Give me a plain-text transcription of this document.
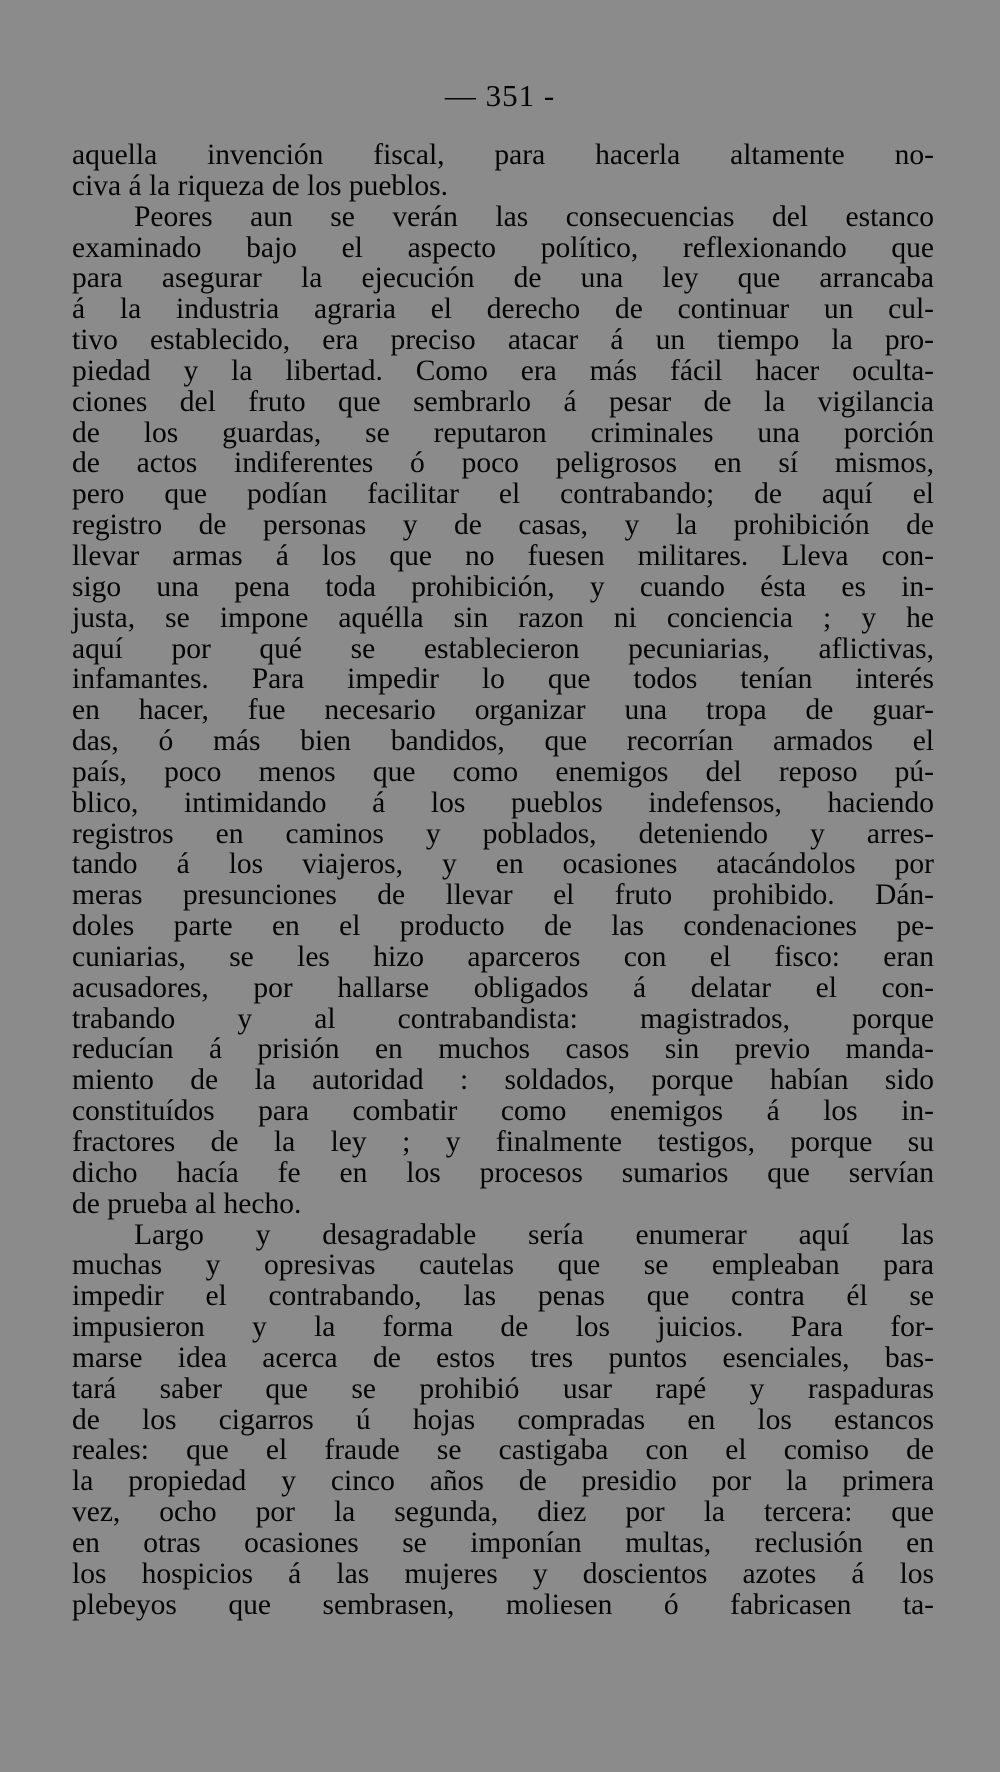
— 351 -
aquella invención fiscal, para hacerla altamente no-
civa á la riqueza de los pueblos.
Peores aun se verán las consecuencias del estanco
examinado bajo el aspecto político, reflexionando que
para asegurar la ejecución de una ley que arrancaba
á la industria agraria el derecho de continuar un cul-
tivo establecido, era preciso atacar á un tiempo la pro-
piedad y la libertad. Como era más fácil hacer oculta-
ciones del fruto que sembrarlo á pesar de la vigilancia
de los guardas, se reputaron criminales una porción
de actos indiferentes ó poco peligrosos en sí mismos,
pero que podían facilitar el contrabando; de aquí el
registro de personas y de casas, y la prohibición de
llevar armas á los que no fuesen militares. Lleva con-
sigo una pena toda prohibición, y cuando ésta es in-
justa, se impone aquélla sin razon ni conciencia ; y he
aquí por qué se establecieron pecuniarias, aflictivas,
infamantes. Para impedir lo que todos tenían interés
en hacer, fue necesario organizar una tropa de guar-
das, ó más bien bandidos, que recorrían armados el
país, poco menos que como enemigos del reposo pú-
blico, intimidando á los pueblos indefensos, haciendo
registros en caminos y poblados, deteniendo y arres-
tando á los viajeros, y en ocasiones atacándolos por
meras presunciones de llevar el fruto prohibido. Dán-
doles parte en el producto de las condenaciones pe-
cuniarias, se les hizo aparceros con el fisco: eran
acusadores, por hallarse obligados á delatar el con-
trabando y al contrabandista: magistrados, porque
reducían á prisión en muchos casos sin previo manda-
miento de la autoridad : soldados, porque habían sido
constituídos para combatir como enemigos á los in-
fractores de la ley ; y finalmente testigos, porque su
dicho hacía fe en los procesos sumarios que servían
de prueba al hecho.
Largo y desagradable sería enumerar aquí las
muchas y opresivas cautelas que se empleaban para
impedir el contrabando, las penas que contra él se
impusieron y la forma de los juicios. Para for-
marse idea acerca de estos tres puntos esenciales, bas-
tará saber que se prohibió usar rapé y raspaduras
de los cigarros ú hojas compradas en los estancos
reales: que el fraude se castigaba con el comiso de
la propiedad y cinco años de presidio por la primera
vez, ocho por la segunda, diez por la tercera: que
en otras ocasiones se imponían multas, reclusión en
los hospicios á las mujeres y doscientos azotes á los
plebeyos que sembrasen, moliesen ó fabricasen ta-
